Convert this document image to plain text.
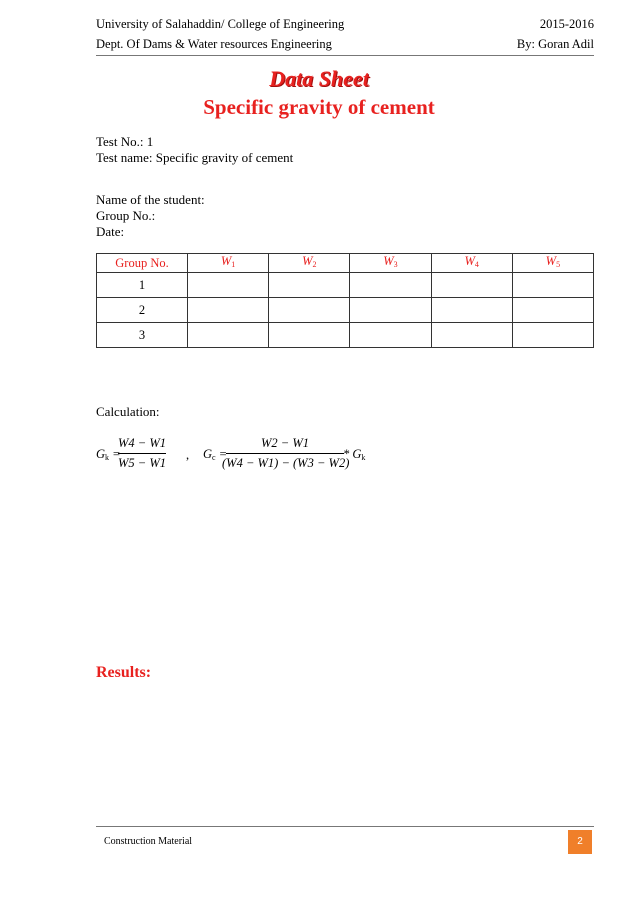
University of Salahaddin/ College of Engineering	2015-2016
Dept. Of Dams & Water resources Engineering	By: Goran Adil
Data Sheet
Specific gravity of cement
Test No.: 1
Test name: Specific gravity of cement
Name of the student:
Group No.:
Date:
Group No.	$W_1$	$W_2$	$W_3$	$W_4$	$W_5$
1					
2					
3					
Calculation:
$G_k$ =
W4 − W1
W5 − W1
, $G_c$ =
W2 − W1
(W4 − W1) − (W3 − W2)
* $G_k$
Results:
Construction Material	2
